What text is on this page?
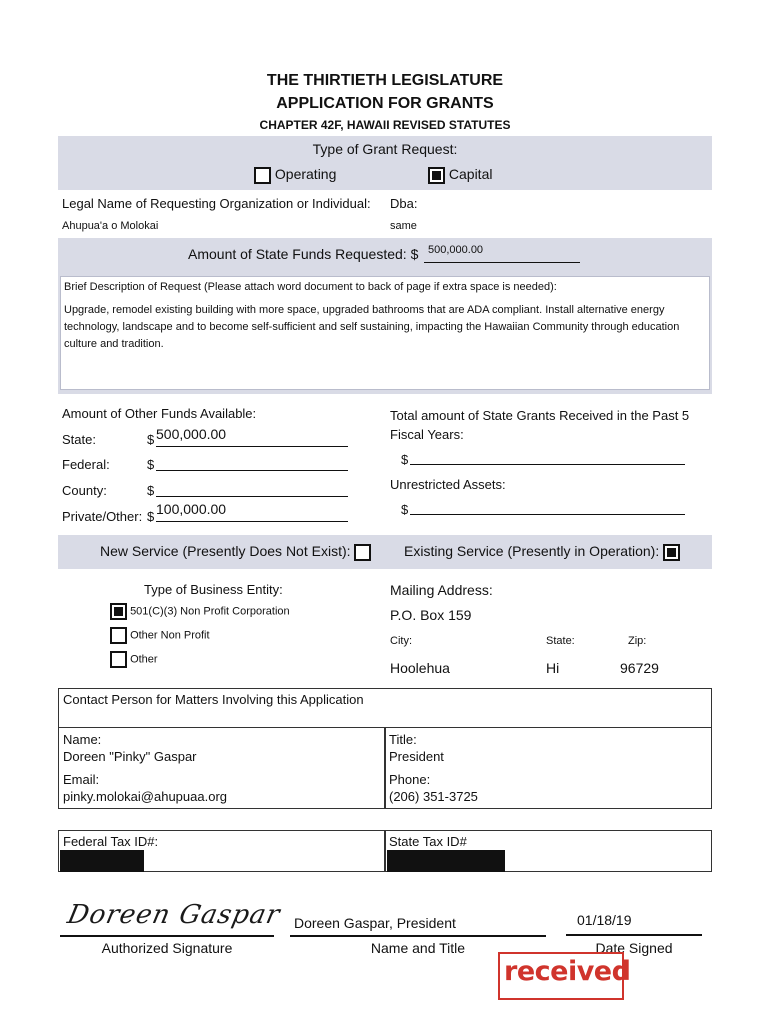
THE THIRTIETH LEGISLATURE
APPLICATION FOR GRANTS
CHAPTER 42F, HAWAII REVISED STATUTES
Type of Grant Request:
Operating	Capital
Legal Name of Requesting Organization or Individual: Dba:
Ahupua'a o Molokai	same
Amount of State Funds Requested: $ 500,000.00
Brief Description of Request (Please attach word document to back of page if extra space is needed):
Upgrade, remodel existing building with more space, upgraded bathrooms that are ADA compliant. Install alternative energy technology, landscape and to become self-sufficient and self sustaining, impacting the Hawaiian Community through education culture and tradition.
Amount of Other Funds Available:
State:	$ 500,000.00
Federal:	$
County:	$
Private/Other: $ 100,000.00
Total amount of State Grants Received in the Past 5
Fiscal Years:
$
Unrestricted Assets:
$
New Service (Presently Does Not Exist):	Existing Service (Presently in Operation):
Type of Business Entity:
501(C)(3) Non Profit Corporation
Other Non Profit
Other
Mailing Address:
P.O. Box 159
City:	State:	Zip:
Hoolehua	Hi	96729
Contact Person for Matters Involving this Application
Name:
Doreen "Pinky" Gaspar
Email:
pinky.molokai@ahupuaa.org
Title:
President
Phone:
(206) 351-3725
Federal Tax ID#:	State Tax ID#
Doreen Gaspar
Authorized Signature
Doreen Gaspar, President
Name and Title
01/18/19
Date Signed
received
